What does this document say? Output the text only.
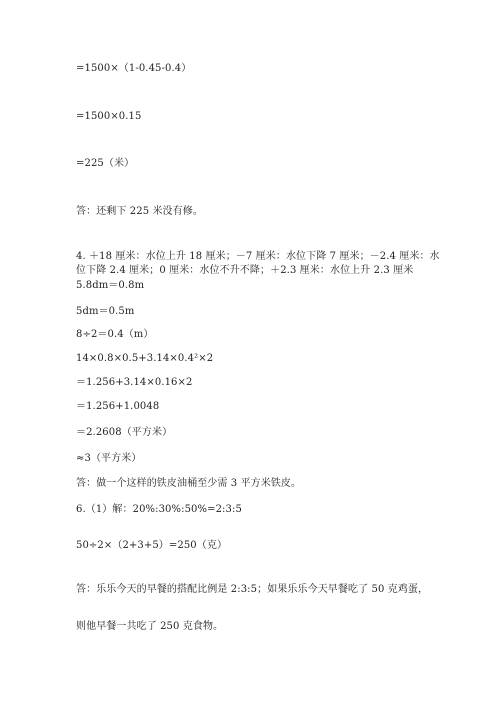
=1500×（1-0.45-0.4）
=1500×0.15
=225（米）
答：还剩下 225 米没有修。
4. ＋18 厘米：水位上升 18 厘米；－7 厘米：水位下降 7 厘米；－2.4 厘米：水
位下降 2.4 厘米；0 厘米：水位不升不降；＋2.3 厘米：水位上升 2.3 厘米
5.8dm＝0.8m
5dm＝0.5m
8÷2＝0.4（m）
14×0.8×0.5+3.14×0.4²×2
＝1.256+3.14×0.16×2
＝1.256+1.0048
＝2.2608（平方米）
≈3（平方米）
答：做一个这样的铁皮油桶至少需 3 平方米铁皮。
6.（1）解：20%:30%:50%=2:3:5
50÷2×（2+3+5）=250（克）
答：乐乐今天的早餐的搭配比例是 2:3:5；如果乐乐今天早餐吃了 50 克鸡蛋，
则他早餐一共吃了 250 克食物。
